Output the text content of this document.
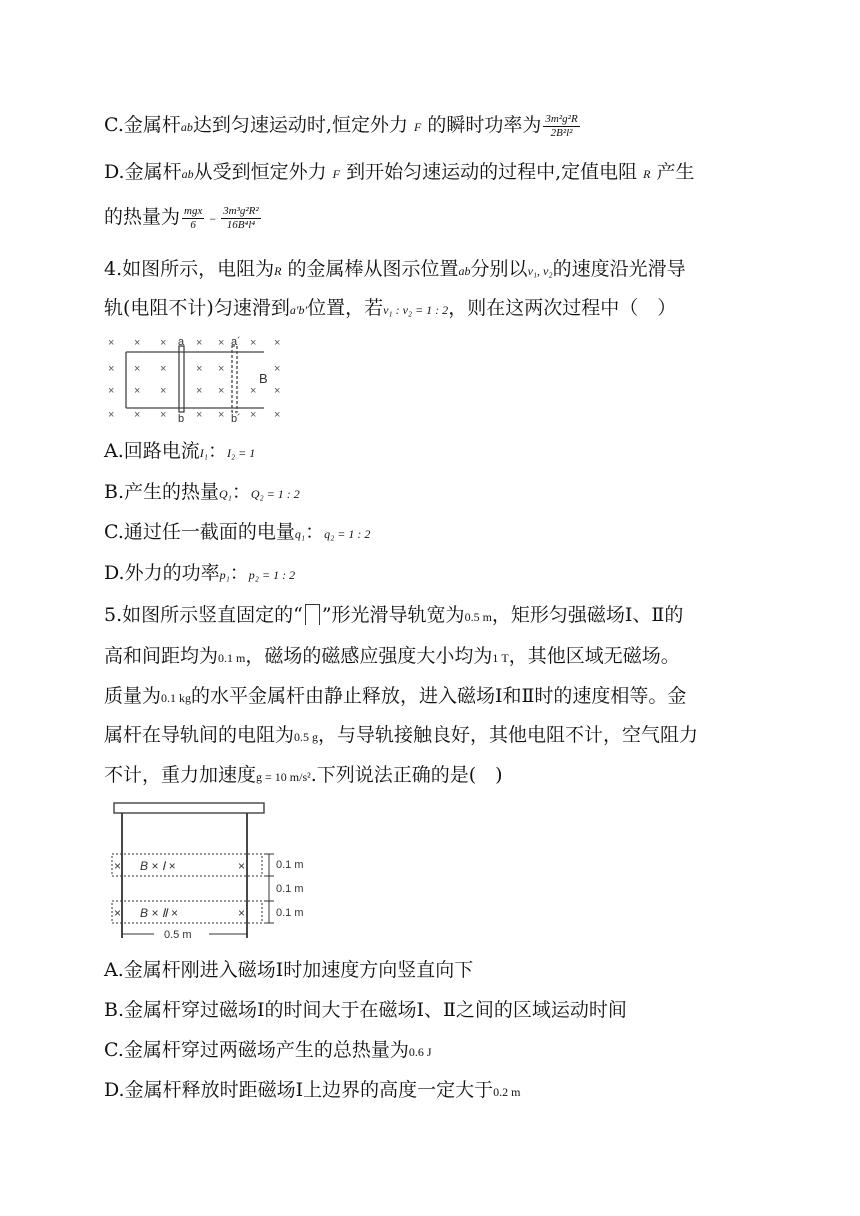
C.金属杆ab达到匀速运动时,恒定外力 F 的瞬时功率为 $\frac{\text{3m²g²R}}{\text{2B²l²}}$
D.金属杆ab从受到恒定外力 F 到开始匀速运动的过程中,定值电阻 R 产生
的热量为 $\frac{\text{mgx}}{6} - \frac{\text{3m³g²R²}}{\text{16B⁴l⁴}}$
4.如图所示，电阻为R 的金属棒从图示位置ab分别以v₁, v₂的速度沿光滑导
轨(电阻不计)匀速滑到a′b′位置，若v₁ : v₂ = 1 : 2，则在这两次过程中（　）
× × ×	× × × ×
× × ×	× ×	×
× × ×	× × × ×
× × ×	× × × ×
a	a´
b	b´
B
A.回路电流I₁：I₂ = 1
B.产生的热量Q₁：Q₂ = 1 : 2
C.通过任一截面的电量q₁：q₂ = 1 : 2
D.外力的功率p₁：p₂ = 1 : 2
5.如图所示竖直固定的“ ”形光滑导轨宽为0.5 m，矩形匀强磁场Ⅰ、Ⅱ的
高和间距均为0.1 m，磁场的磁感应强度大小均为1 T，其他区域无磁场。
质量为0.1 kg的水平金属杆由静止释放，进入磁场Ⅰ和Ⅱ时的速度相等。金
属杆在导轨间的电阻为0.5 g，与导轨接触良好，其他电阻不计，空气阻力
不计，重力加速度g = 10 m/s².下列说法正确的是(　)
× B × Ⅰ ×	×
× B × Ⅱ ×	×
0.1 m
0.1 m
0.1 m
0.5 m
A.金属杆刚进入磁场Ⅰ时加速度方向竖直向下
B.金属杆穿过磁场Ⅰ的时间大于在磁场Ⅰ、Ⅱ之间的区域运动时间
C.金属杆穿过两磁场产生的总热量为0.6 J
D.金属杆释放时距磁场Ⅰ上边界的高度一定大于0.2 m
